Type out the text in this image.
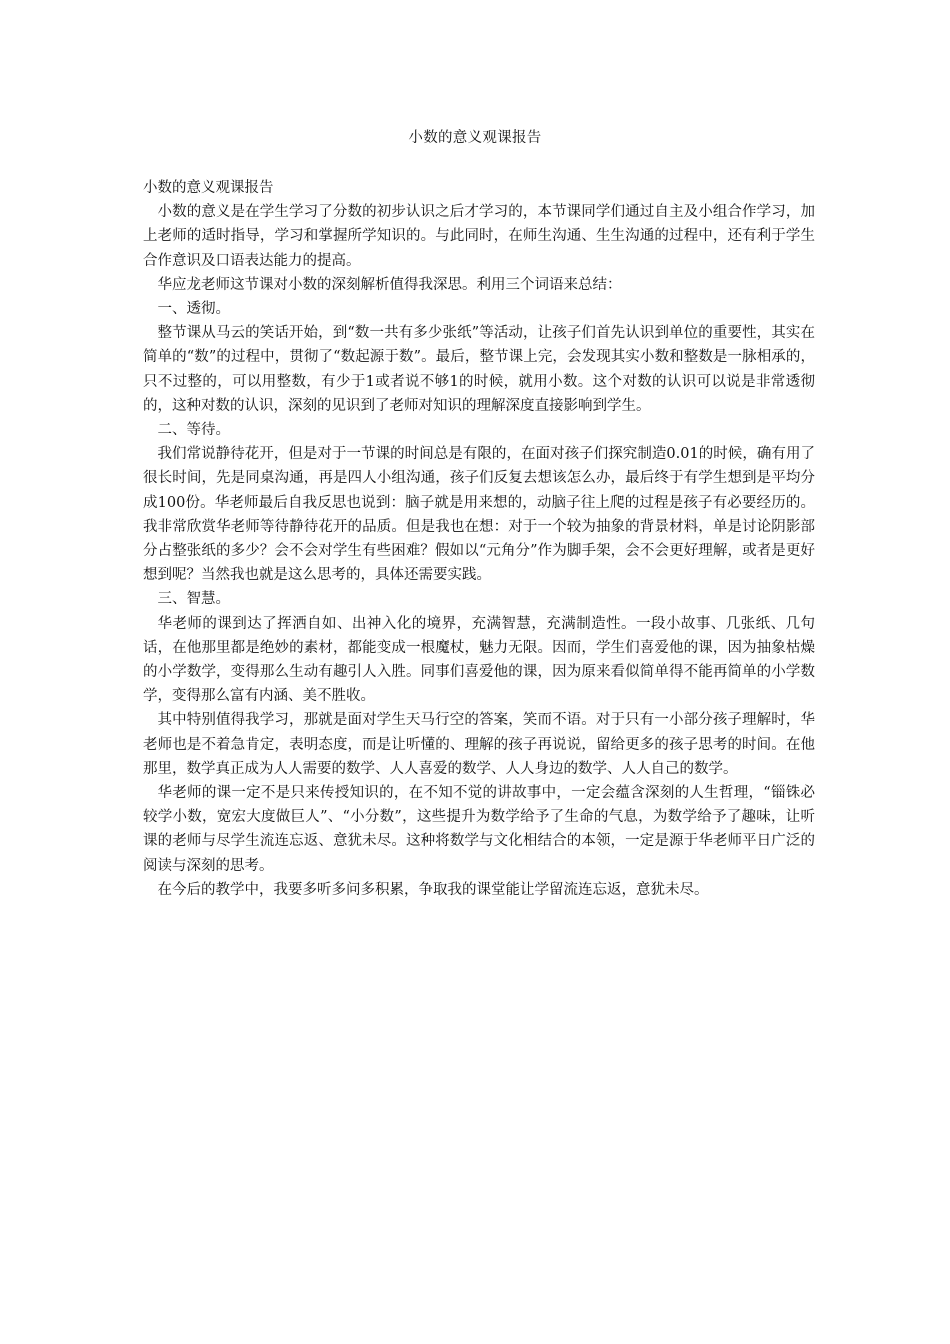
小数的意义观课报告

小数的意义观课报告

小数的意义是在学生学习了分数的初步认识之后才学习的，本节课同学们通过自主及小组合作学习，加上老师的适时指导，学习和掌握所学知识的。与此同时，在师生沟通、生生沟通的过程中，还有利于学生合作意识及口语表达能力的提高。

华应龙老师这节课对小数的深刻解析值得我深思。利用三个词语来总结：

一、透彻。

整节课从马云的笑话开始，到“数一共有多少张纸”等活动，让孩子们首先认识到单位的重要性，其实在简单的“数”的过程中，贯彻了“数起源于数”。最后，整节课上完，会发现其实小数和整数是一脉相承的，只不过整的，可以用整数，有少于1或者说不够1的时候，就用小数。这个对数的认识可以说是非常透彻的，这种对数的认识，深刻的见识到了老师对知识的理解深度直接影响到学生。

二、等待。

我们常说静待花开，但是对于一节课的时间总是有限的，在面对孩子们探究制造0.01的时候，确有用了很长时间，先是同桌沟通，再是四人小组沟通，孩子们反复去想该怎么办，最后终于有学生想到是平均分成100份。华老师最后自我反思也说到：脑子就是用来想的，动脑子往上爬的过程是孩子有必要经历的。我非常欣赏华老师等待静待花开的品质。但是我也在想：对于一个较为抽象的背景材料，单是讨论阴影部分占整张纸的多少？会不会对学生有些困难？假如以“元角分”作为脚手架，会不会更好理解，或者是更好想到呢？当然我也就是这么思考的，具体还需要实践。

三、智慧。

华老师的课到达了挥洒自如、出神入化的境界，充满智慧，充满制造性。一段小故事、几张纸、几句话，在他那里都是绝妙的素材，都能变成一根魔杖，魅力无限。因而，学生们喜爱他的课，因为抽象枯燥的小学数学，变得那么生动有趣引人入胜。同事们喜爱他的课，因为原来看似简单得不能再简单的小学数学，变得那么富有内涵、美不胜收。

其中特别值得我学习，那就是面对学生天马行空的答案，笑而不语。对于只有一小部分孩子理解时，华老师也是不着急肯定，表明态度，而是让听懂的、理解的孩子再说说，留给更多的孩子思考的时间。在他那里，数学真正成为人人需要的数学、人人喜爱的数学、人人身边的数学、人人自己的数学。

华老师的课一定不是只来传授知识的，在不知不觉的讲故事中，一定会蕴含深刻的人生哲理，“锱铢必较学小数，宽宏大度做巨人”、“小分数”，这些提升为数学给予了生命的气息，为数学给予了趣味，让听课的老师与尽学生流连忘返、意犹未尽。这种将数学与文化相结合的本领，一定是源于华老师平日广泛的阅读与深刻的思考。

在今后的教学中，我要多听多问多积累，争取我的课堂能让学留流连忘返，意犹未尽。
